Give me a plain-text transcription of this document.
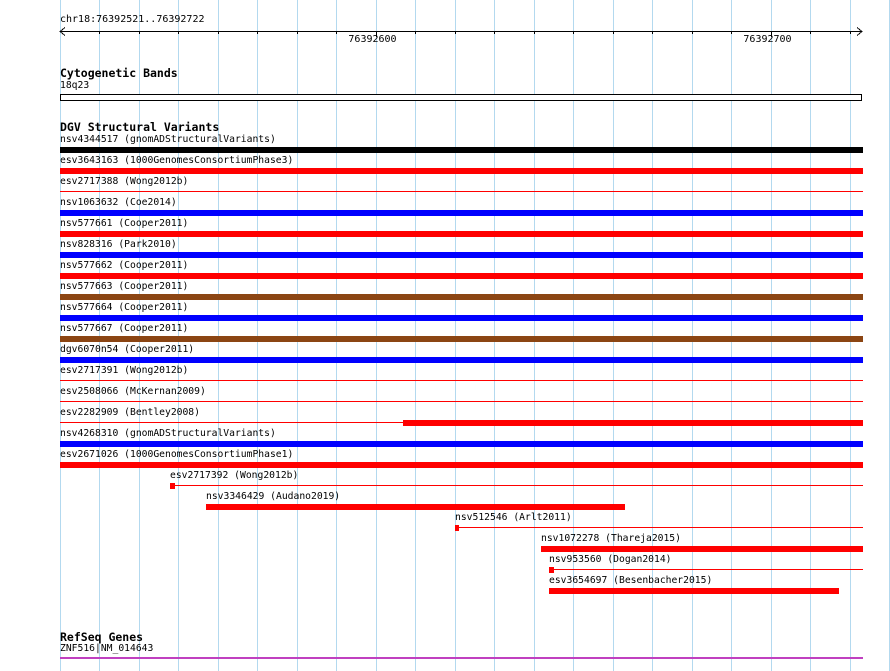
chr18:76392521..76392722
76392600	76392700
Cytogenetic Bands
18q23
DGV Structural Variants
nsv4344517 (gnomADStructuralVariants)
esv3643163 (1000GenomesConsortiumPhase3)
esv2717388 (Wong2012b)
nsv1063632 (Coe2014)
nsv577661 (Cooper2011)
nsv828316 (Park2010)
nsv577662 (Cooper2011)
nsv577663 (Cooper2011)
nsv577664 (Cooper2011)
nsv577667 (Cooper2011)
dgv6070n54 (Cooper2011)
esv2717391 (Wong2012b)
esv2508066 (McKernan2009)
esv2282909 (Bentley2008)
nsv4268310 (gnomADStructuralVariants)
esv2671026 (1000GenomesConsortiumPhase1)
esv2717392 (Wong2012b)
nsv3346429 (Audano2019)
nsv512546 (Arlt2011)
nsv1072278 (Thareja2015)
nsv953560 (Dogan2014)
esv3654697 (Besenbacher2015)
RefSeq Genes
ZNF516|NM_014643
